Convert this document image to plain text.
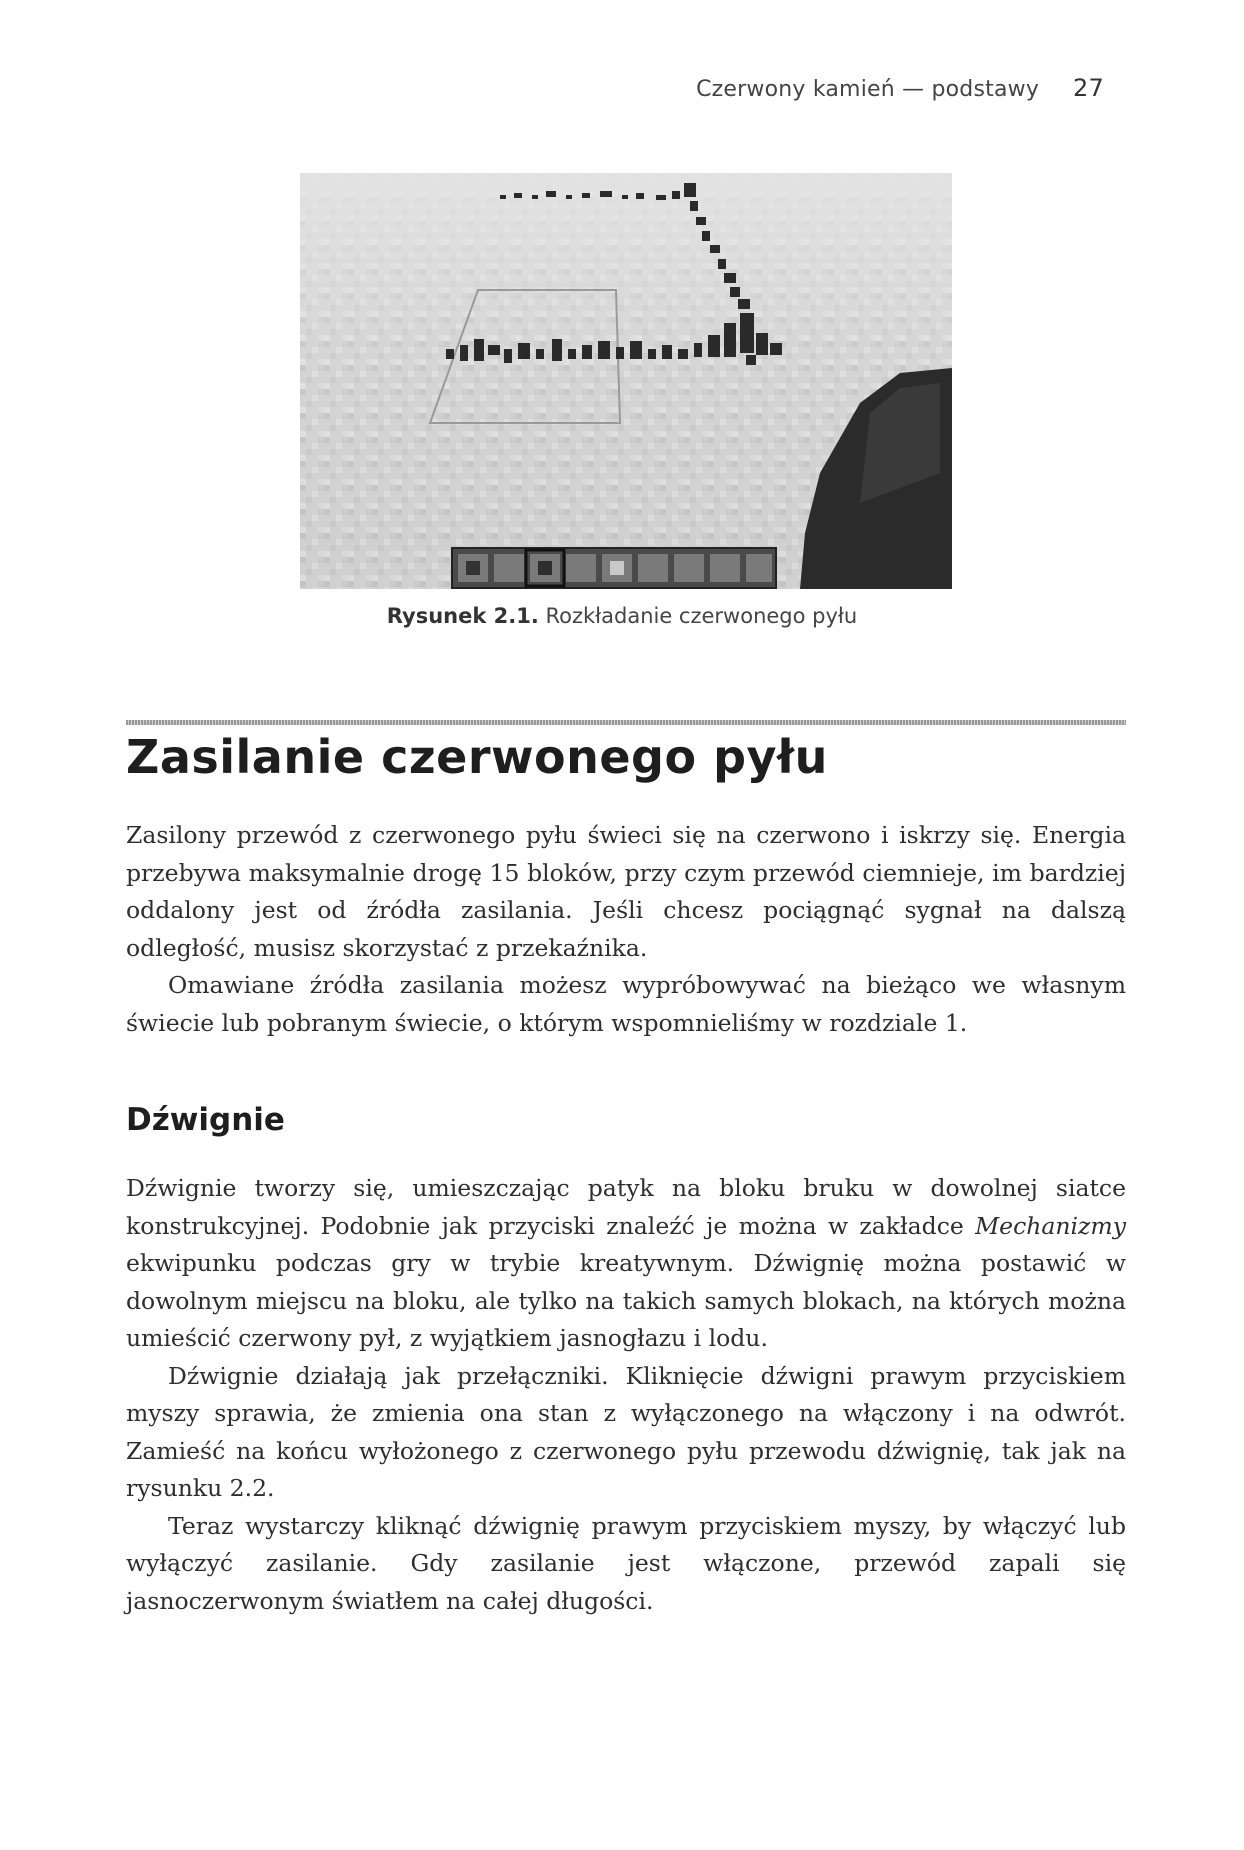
Czerwony kamień — podstawy 27
Rysunek 2.1. Rozkładanie czerwonego pyłu
Zasilanie czerwonego pyłu

Zasilony przewód z czerwonego pyłu świeci się na czerwono i iskrzy się. Energia przebywa maksymalnie drogę 15 bloków, przy czym przewód ciemnieje, im bardziej oddalony jest od źródła zasilania. Jeśli chcesz pociągnąć sygnał na dalszą odległość, musisz skorzystać z przekaźnika.

Omawiane źródła zasilania możesz wypróbowywać na bieżąco we własnym świecie lub pobranym świecie, o którym wspomnieliśmy w rozdziale 1.

Dźwignie

Dźwignie tworzy się, umieszczając patyk na bloku bruku w dowolnej siatce konstrukcyjnej. Podobnie jak przyciski znaleźć je można w zakładce Mechanizmy ekwipunku podczas gry w trybie kreatywnym. Dźwignię można postawić w dowolnym miejscu na bloku, ale tylko na takich samych blokach, na których można umieścić czerwony pył, z wyjątkiem jasnogłazu i lodu.

Dźwignie działają jak przełączniki. Kliknięcie dźwigni prawym przyciskiem myszy sprawia, że zmienia ona stan z wyłączonego na włączony i na odwrót. Zamieść na końcu wyłożonego z czerwonego pyłu przewodu dźwignię, tak jak na rysunku 2.2.

Teraz wystarczy kliknąć dźwignię prawym przyciskiem myszy, by włączyć lub wyłączyć zasilanie. Gdy zasilanie jest włączone, przewód zapali się jasnoczerwonym światłem na całej długości.
